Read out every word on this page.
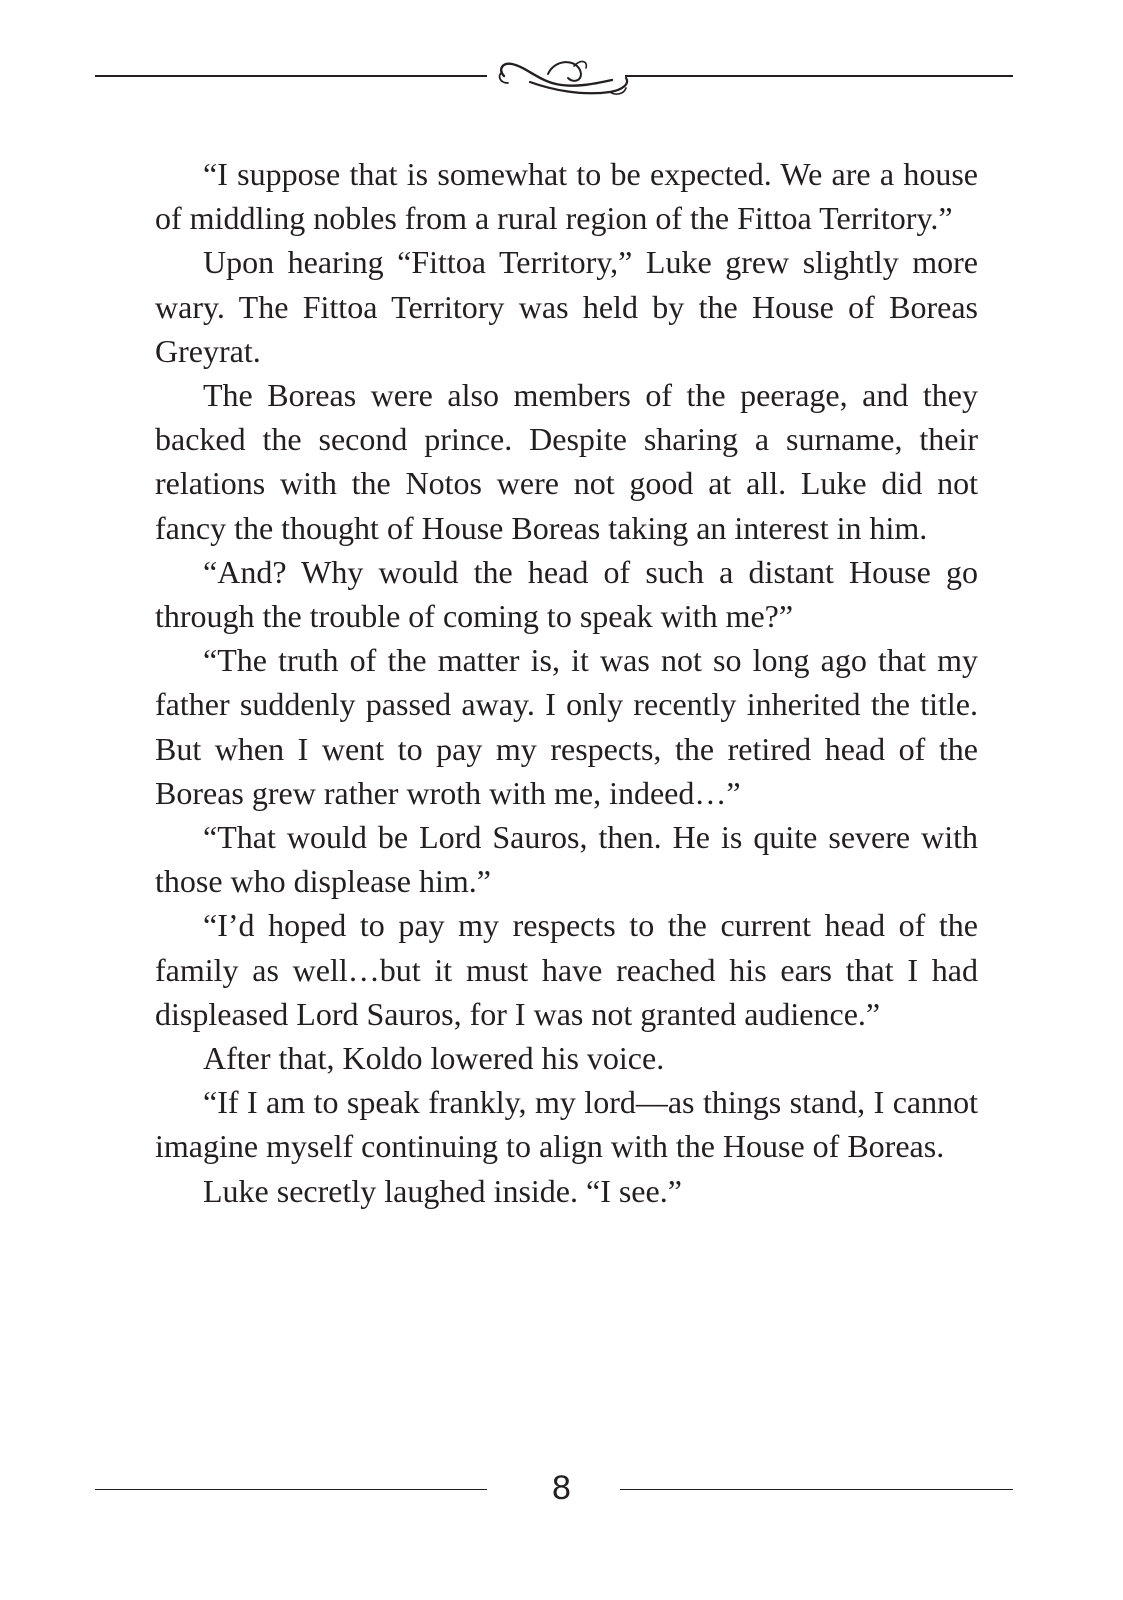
“I suppose that is somewhat to be expected. We are a house of middling nobles from a rural region of the Fittoa Territory.”

Upon hearing “Fittoa Territory,” Luke grew slightly more wary. The Fittoa Territory was held by the House of Boreas Greyrat.

The Boreas were also members of the peerage, and they backed the second prince. Despite sharing a surname, their relations with the Notos were not good at all. Luke did not fancy the thought of House Boreas taking an interest in him.

“And? Why would the head of such a distant House go through the trouble of coming to speak with me?”

“The truth of the matter is, it was not so long ago that my father suddenly passed away. I only recently inherited the title. But when I went to pay my respects, the retired head of the Boreas grew rather wroth with me, indeed…”

“That would be Lord Sauros, then. He is quite severe with those who displease him.”

“I’d hoped to pay my respects to the current head of the family as well…but it must have reached his ears that I had displeased Lord Sauros, for I was not granted audience.”

After that, Koldo lowered his voice.

“If I am to speak frankly, my lord—as things stand, I cannot imagine myself continuing to align with the House of Boreas.

Luke secretly laughed inside. “I see.”

8
